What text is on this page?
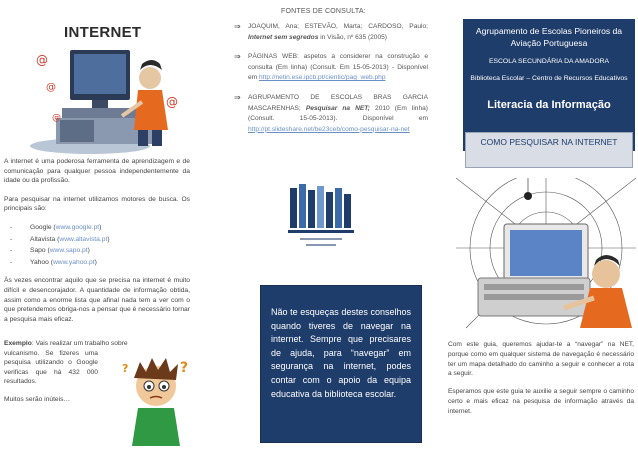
INTERNET
@
@
@
@

A internet é uma poderosa ferramenta de aprendizagem e de comunicação para qualquer pessoa independentemente da idade ou da profissão.

Para pesquisar na internet utilizamos motores de busca. Os principais são:

-	Google (www.google.pt)
-	Altavista (www.altavista.pt)
-	Sapo (www.sapo.pt)
-	Yahoo (www.yahoo.pt)

Às vezes encontrar aquilo que se precisa na internet é muito difícil e desencorajador. A quantidade de informação obtida, assim como a enorme lista que afinal nada tem a ver com o que pretendemos obriga-nos a pensar que é necessário tornar a pesquisa mais eficaz.

Exemplo: Vais realizar um trabalho sobre
vulcanismo. Se fizeres uma pesquisa utilizando o Google verificas que há 432 000 resultados.
Muitos serão inúteis…
?
?
FONTES DE CONSULTA:
⇒ JOAQUIM, Ana; ESTEVÃO, Marta; CARDOSO, Paulo; Internet sem segredos in Visão, nº 635 (2005)
⇒ PÁGINAS WEB: aspetos a considerer na construção e consulta (Em linha) (Consult. Em 15-05-2013) - Disponível em http://netin.ese.ipcb.pt/cientic/pag_web.php
⇒ AGRUPAMENTO DE ESCOLAS BRAS GARCIA MASCARENHAS; Pesquisar na NET; 2010 (Em linha) (Consult. 15-05-2013). Disponível em http://pt.slideshare.net/be23ceb/como-pesquisar-na-net

Não te esqueças destes conselhos quando tiveres de navegar na internet. Sempre que precisares de ajuda, para “navegar” em segurança na internet, podes contar com o apoio da equipa educativa da biblioteca escolar.

Agrupamento de Escolas Pioneiros da Aviação Portuguesa
ESCOLA SECUNDÁRIA DA AMADORA
Biblioteca Escolar – Centro de Recursos Educativos
Literacia da Informação
COMO PESQUISAR NA INTERNET

Com este guia, queremos ajudar-te a “navegar” na NET, porque como em qualquer sistema de navegação é necessário ter um mapa detalhado do caminho a seguir e conhecer a rota a seguir.

Esperamos que este guia te auxilie a seguir sempre o caminho certo e mais eficaz na pesquisa de informação através da internet.
